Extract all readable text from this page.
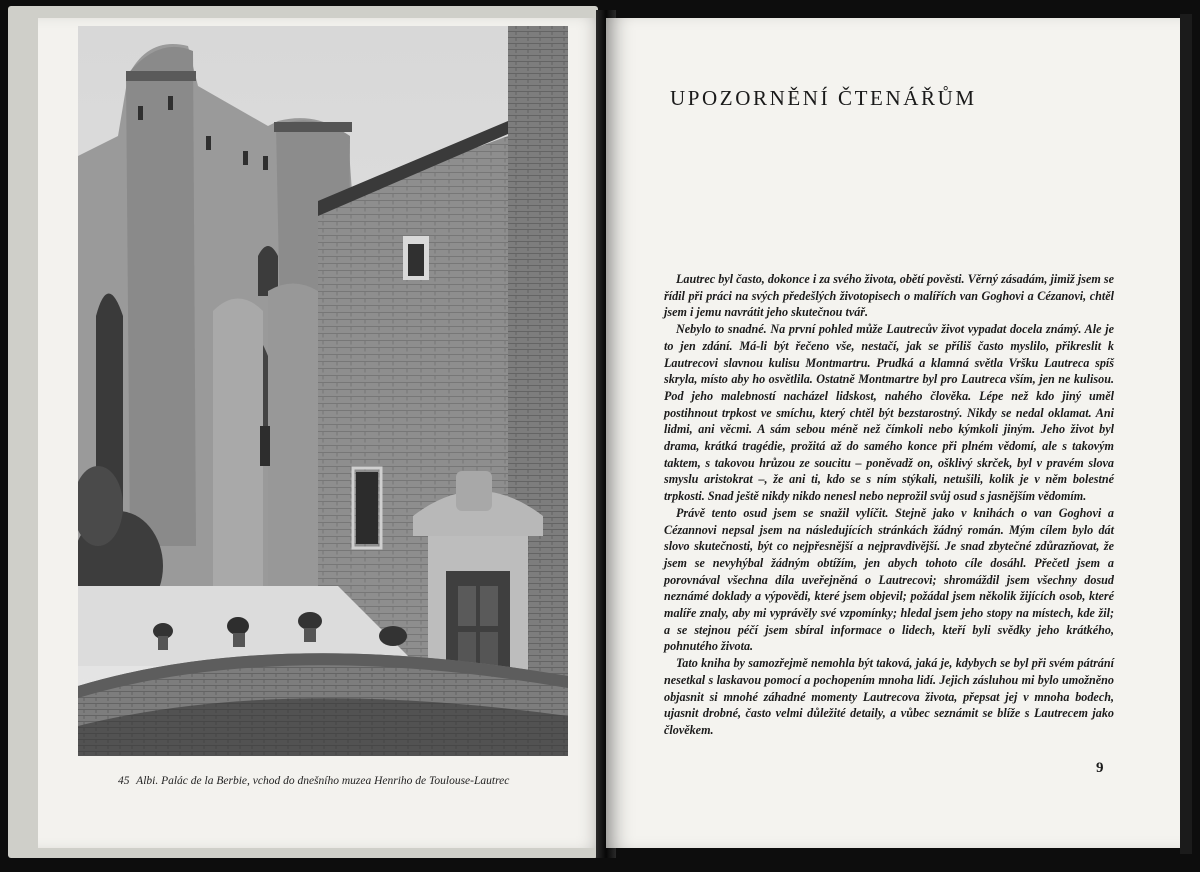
45 Albi. Palác de la Berbie, vchod do dnešního muzea Henriho de Toulouse-Lautrec
UPOZORNĚNÍ ČTENÁŘŮM

Lautrec byl často, dokonce i za svého života, obětí pověsti. Věrný zásadám, jimiž jsem se řídil při práci na svých předešlých životopisech o malířích van Goghovi a Cézanovi, chtěl jsem i jemu navrátit jeho skutečnou tvář.

Nebylo to snadné. Na první pohled může Lautrecův život vypadat docela známý. Ale je to jen zdání. Má-li být řečeno vše, nestačí, jak se příliš často myslilo, přikreslit k Lautrecovi slavnou kulisu Montmartru. Prudká a klamná světla Vršku Lautreca spíš skryla, místo aby ho osvětlila. Ostatně Montmartre byl pro Lautreca vším, jen ne kulisou. Pod jeho malebností nacházel lidskost, nahého člověka. Lépe než kdo jiný uměl postihnout trpkost ve smíchu, který chtěl být bezstarostný. Nikdy se nedal oklamat. Ani lidmi, ani věcmi. A sám sebou méně než čímkoli nebo kýmkoli jiným. Jeho život byl drama, krátká tragédie, prožitá až do samého konce při plném vědomí, ale s takovým taktem, s takovou hrůzou ze soucitu – poněvadž on, ošklivý skrček, byl v pravém slova smyslu aristokrat –, že ani ti, kdo se s ním stýkali, netušili, kolik je v něm bolestné trpkosti. Snad ještě nikdy nikdo nenesl nebo neprožil svůj osud s jasnějším vědomím.

Právě tento osud jsem se snažil vylíčit. Stejně jako v knihách o van Goghovi a Cézannovi nepsal jsem na následujících stránkách žádný román. Mým cílem bylo dát slovo skutečnosti, být co nejpřesnější a nejpravdivější. Je snad zbytečné zdůrazňovat, že jsem se nevyhýbal žádným obtížím, jen abych tohoto cíle dosáhl. Přečetl jsem a porovnával všechna díla uveřejněná o Lautrecovi; shromáždil jsem všechny dosud neznámé doklady a výpovědi, které jsem objevil; požádal jsem několik žijících osob, které malíře znaly, aby mi vyprávěly své vzpomínky; hledal jsem jeho stopy na místech, kde žil; a se stejnou péčí jsem sbíral informace o lidech, kteří byli svědky jeho krátkého, pohnutého života.

Tato kniha by samozřejmě nemohla být taková, jaká je, kdybych se byl při svém pátrání nesetkal s laskavou pomocí a pochopením mnoha lidí. Jejich zásluhou mi bylo umožněno objasnit si mnohé záhadné momenty Lautrecova života, přepsat jej v mnoha bodech, ujasnit drobné, často velmi důležité detaily, a vůbec seznámit se blíže s Lautrecem jako člověkem.

9
